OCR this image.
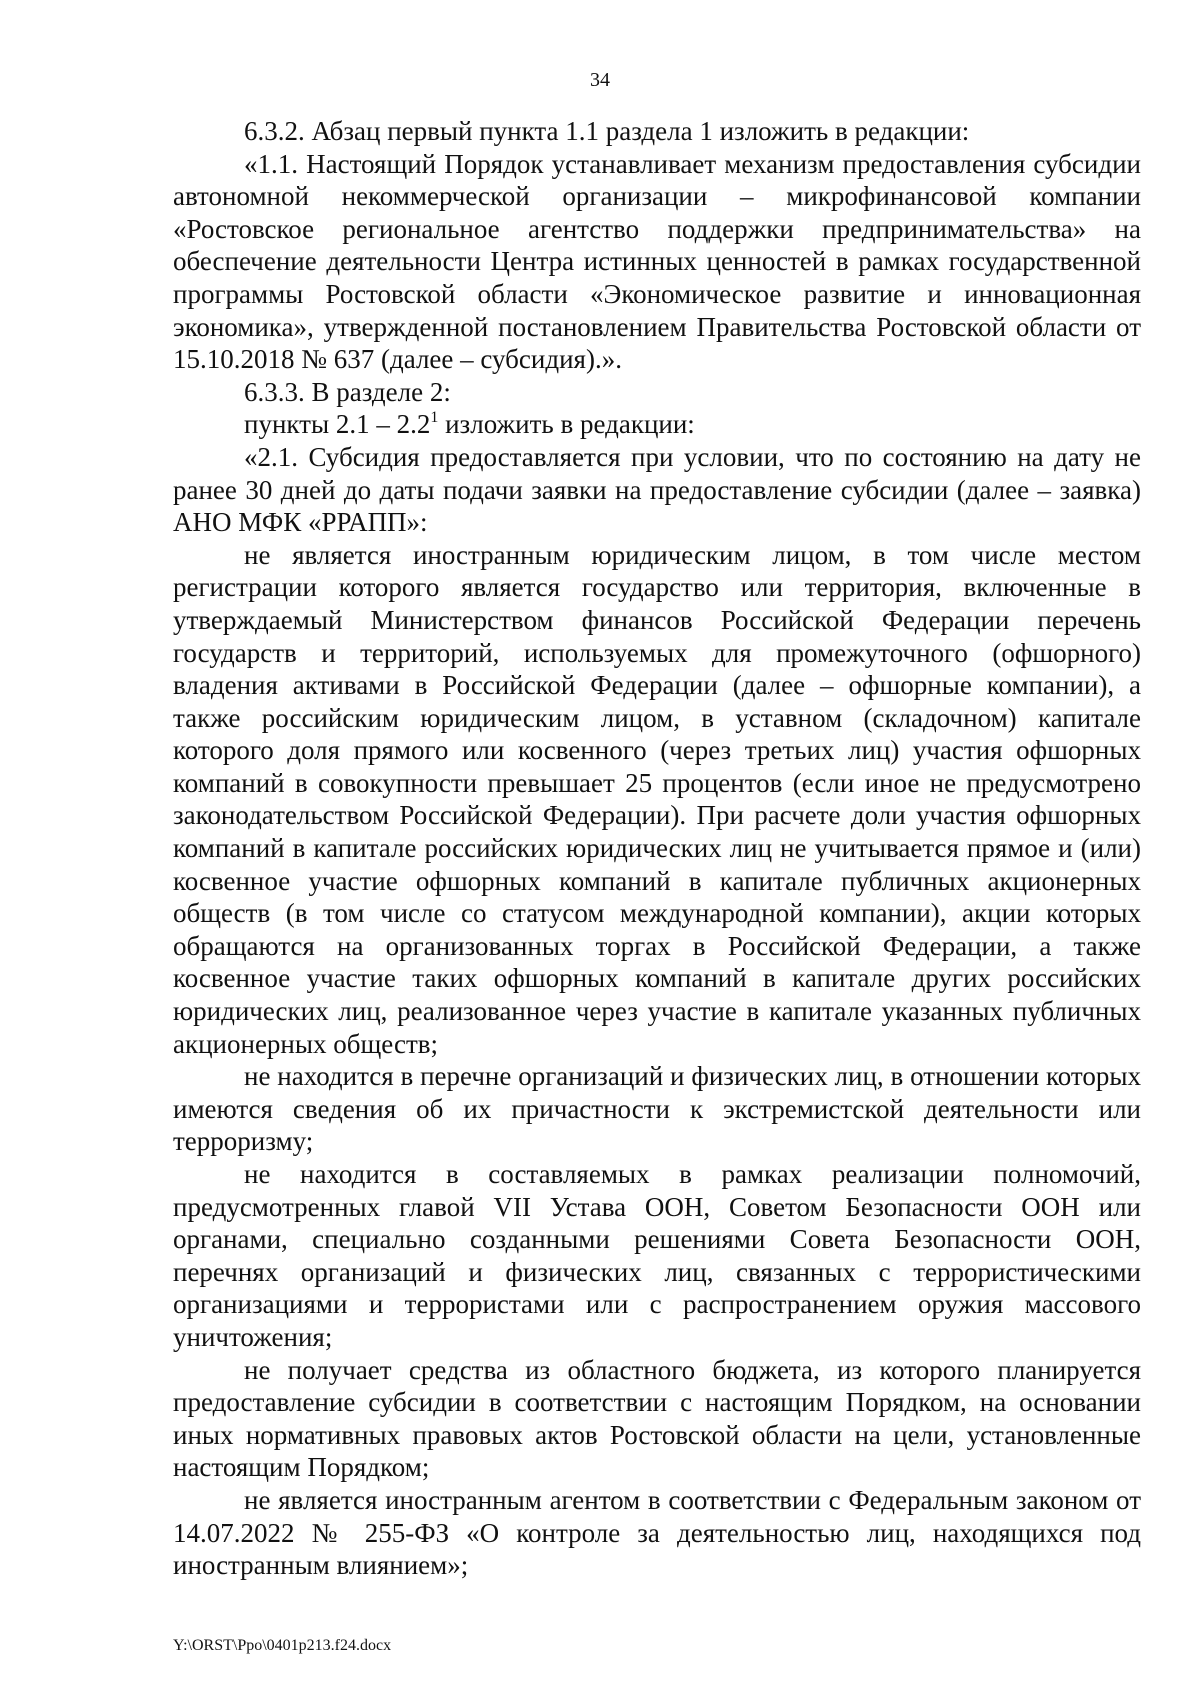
34

6.3.2. Абзац первый пункта 1.1 раздела 1 изложить в редакции:

«1.1. Настоящий Порядок устанавливает механизм предоставления субсидии автономной некоммерческой организации – микрофинансовой компании «Ростовское региональное агентство поддержки предпринимательства» на обеспечение деятельности Центра истинных ценностей в рамках государственной программы Ростовской области «Экономическое развитие и инновационная экономика», утвержденной постановлением Правительства Ростовской области от 15.10.2018 № 637 (далее – субсидия).».

6.3.3. В разделе 2:

пункты $2.1 - 2.2^1$ изложить в редакции:

«2.1. Субсидия предоставляется при условии, что по состоянию на дату не ранее 30 дней до даты подачи заявки на предоставление субсидии (далее – заявка) АНО МФК «РРАПП»:

не является иностранным юридическим лицом, в том числе местом регистрации которого является государство или территория, включенные в утверждаемый Министерством финансов Российской Федерации перечень государств и территорий, используемых для промежуточного (офшорного) владения активами в Российской Федерации (далее – офшорные компании), а также российским юридическим лицом, в уставном (складочном) капитале которого доля прямого или косвенного (через третьих лиц) участия офшорных компаний в совокупности превышает 25 процентов (если иное не предусмотрено законодательством Российской Федерации). При расчете доли участия офшорных компаний в капитале российских юридических лиц не учитывается прямое и (или) косвенное участие офшорных компаний в капитале публичных акционерных обществ (в том числе со статусом международной компании), акции которых обращаются на организованных торгах в Российской Федерации, а также косвенное участие таких офшорных компаний в капитале других российских юридических лиц, реализованное через участие в капитале указанных публичных акционерных обществ;

не находится в перечне организаций и физических лиц, в отношении которых имеются сведения об их причастности к экстремистской деятельности или терроризму;

не находится в составляемых в рамках реализации полномочий, предусмотренных главой VII Устава ООН, Советом Безопасности ООН или органами, специально созданными решениями Совета Безопасности ООН, перечнях организаций и физических лиц, связанных с террористическими организациями и террористами или с распространением оружия массового уничтожения;

не получает средства из областного бюджета, из которого планируется предоставление субсидии в соответствии с настоящим Порядком, на основании иных нормативных правовых актов Ростовской области на цели, установленные настоящим Порядком;

не является иностранным агентом в соответствии с Федеральным законом от 14.07.2022 № 255-ФЗ «О контроле за деятельностью лиц, находящихся под иностранным влиянием»;

Y:\ORST\Ppo\0401p213.f24.docx
